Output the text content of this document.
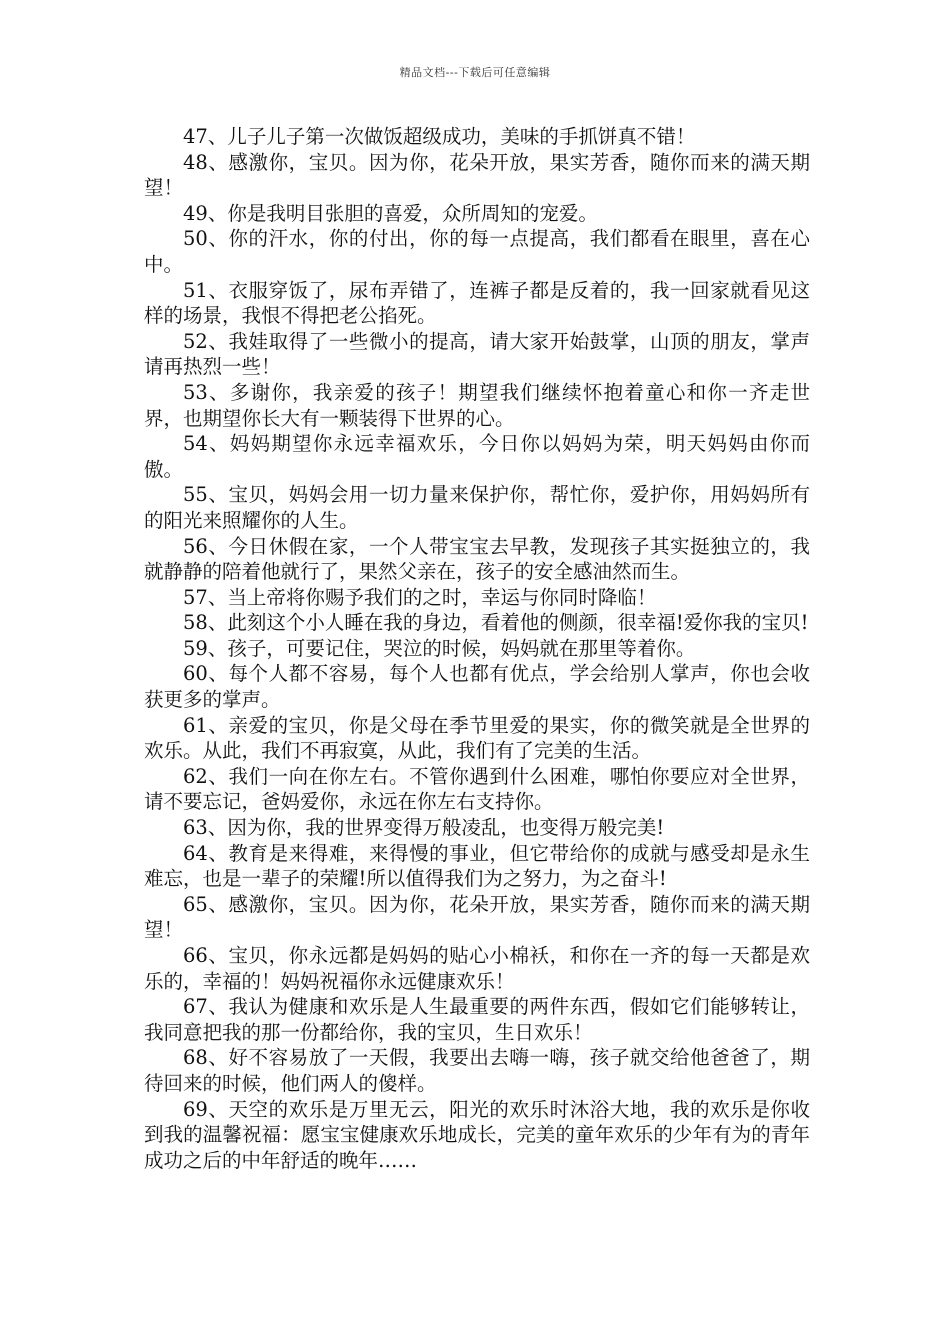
精品文档---下载后可任意编辑

47、儿子儿子第一次做饭超级成功，美味的手抓饼真不错！

48、感激你，宝贝。因为你，花朵开放，果实芳香，随你而来的满天期望！

49、你是我明目张胆的喜爱，众所周知的宠爱。

50、你的汗水，你的付出，你的每一点提高，我们都看在眼里，喜在心中。

51、衣服穿饭了，尿布弄错了，连裤子都是反着的，我一回家就看见这样的场景，我恨不得把老公掐死。

52、我娃取得了一些微小的提高，请大家开始鼓掌，山顶的朋友，掌声请再热烈一些！

53、多谢你，我亲爱的孩子！期望我们继续怀抱着童心和你一齐走世界，也期望你长大有一颗装得下世界的心。

54、妈妈期望你永远幸福欢乐，今日你以妈妈为荣，明天妈妈由你而傲。

55、宝贝，妈妈会用一切力量来保护你，帮忙你，爱护你，用妈妈所有的阳光来照耀你的人生。

56、今日休假在家，一个人带宝宝去早教，发现孩子其实挺独立的，我就静静的陪着他就行了，果然父亲在，孩子的安全感油然而生。

57、当上帝将你赐予我们的之时，幸运与你同时降临！

58、此刻这个小人睡在我的身边，看着他的侧颜，很幸福!爱你我的宝贝!

59、孩子，可要记住，哭泣的时候，妈妈就在那里等着你。

60、每个人都不容易，每个人也都有优点，学会给别人掌声，你也会收获更多的掌声。

61、亲爱的宝贝，你是父母在季节里爱的果实，你的微笑就是全世界的欢乐。从此，我们不再寂寞，从此，我们有了完美的生活。

62、我们一向在你左右。不管你遇到什么困难，哪怕你要应对全世界，请不要忘记，爸妈爱你，永远在你左右支持你。

63、因为你，我的世界变得万般凌乱，也变得万般完美!

64、教育是来得难，来得慢的事业，但它带给你的成就与感受却是永生难忘，也是一辈子的荣耀!所以值得我们为之努力，为之奋斗!

65、感激你，宝贝。因为你，花朵开放，果实芳香，随你而来的满天期望！

66、宝贝，你永远都是妈妈的贴心小棉袄，和你在一齐的每一天都是欢乐的，幸福的！妈妈祝福你永远健康欢乐！

67、我认为健康和欢乐是人生最重要的两件东西，假如它们能够转让，我同意把我的那一份都给你，我的宝贝，生日欢乐！

68、好不容易放了一天假，我要出去嗨一嗨，孩子就交给他爸爸了，期待回来的时候，他们两人的傻样。

69、天空的欢乐是万里无云，阳光的欢乐时沐浴大地，我的欢乐是你收到我的温馨祝福：愿宝宝健康欢乐地成长，完美的童年欢乐的少年有为的青年成功之后的中年舒适的晚年……
